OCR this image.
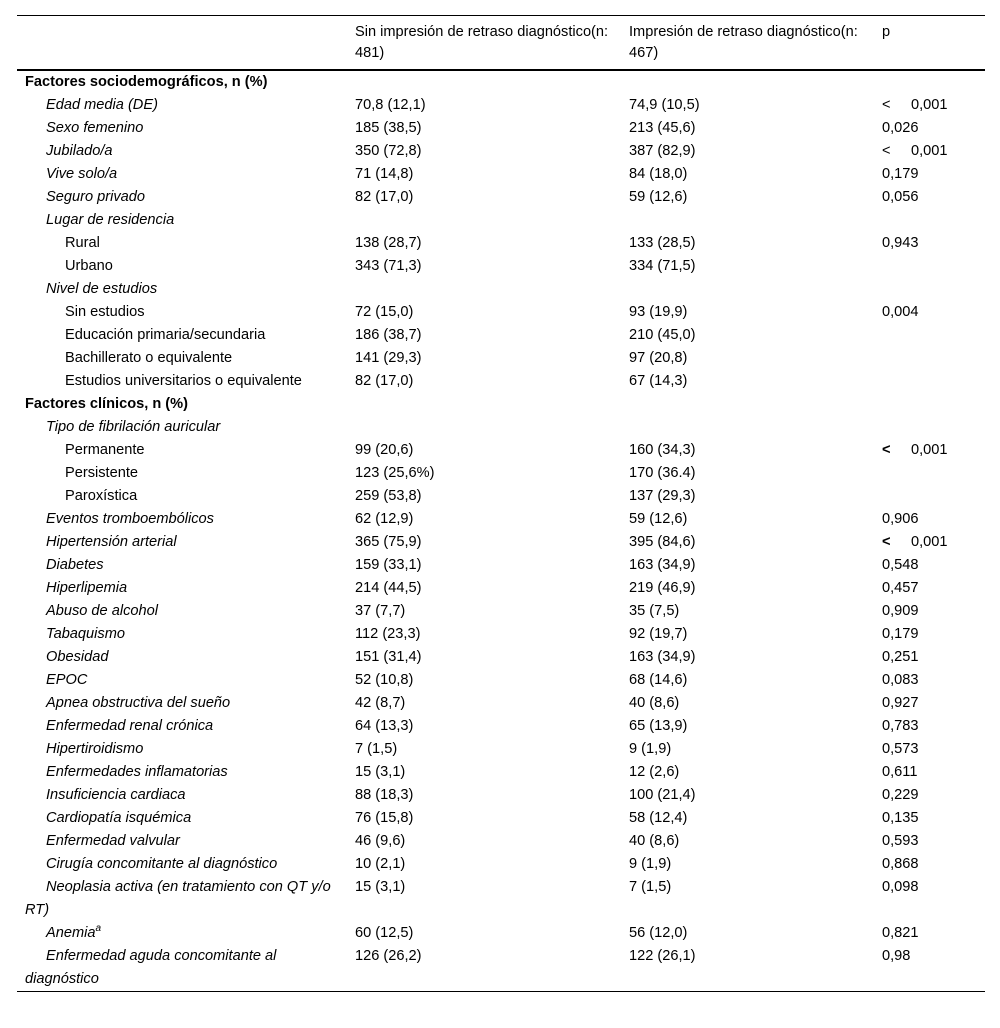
	Sin impresión de retraso diagnóstico(n: 481)	Impresión de retraso diagnóstico(n: 467)	p
Factores sociodemográficos, n (%)			
Edad media (DE)	70,8 (12,1)	74,9 (10,5)	< 0,001
Sexo femenino	185 (38,5)	213 (45,6)	0,026
Jubilado/a	350 (72,8)	387 (82,9)	< 0,001
Vive solo/a	71 (14,8)	84 (18,0)	0,179
Seguro privado	82 (17,0)	59 (12,6)	0,056
Lugar de residencia			
Rural	138 (28,7)	133 (28,5)	0,943
Urbano	343 (71,3)	334 (71,5)	
Nivel de estudios			
Sin estudios	72 (15,0)	93 (19,9)	0,004
Educación primaria/secundaria	186 (38,7)	210 (45,0)	
Bachillerato o equivalente	141 (29,3)	97 (20,8)	
Estudios universitarios o equivalente	82 (17,0)	67 (14,3)	
Factores clínicos, n (%)			
Tipo de fibrilación auricular			
Permanente	99 (20,6)	160 (34,3)	< 0,001
Persistente	123 (25,6%)	170 (36.4)	
Paroxística	259 (53,8)	137 (29,3)	
Eventos tromboembólicos	62 (12,9)	59 (12,6)	0,906
Hipertensión arterial	365 (75,9)	395 (84,6)	< 0,001
Diabetes	159 (33,1)	163 (34,9)	0,548
Hiperlipemia	214 (44,5)	219 (46,9)	0,457
Abuso de alcohol	37 (7,7)	35 (7,5)	0,909
Tabaquismo	112 (23,3)	92 (19,7)	0,179
Obesidad	151 (31,4)	163 (34,9)	0,251
EPOC	52 (10,8)	68 (14,6)	0,083
Apnea obstructiva del sueño	42 (8,7)	40 (8,6)	0,927
Enfermedad renal crónica	64 (13,3)	65 (13,9)	0,783
Hipertiroidismo	7 (1,5)	9 (1,9)	0,573
Enfermedades inflamatorias	15 (3,1)	12 (2,6)	0,611
Insuficiencia cardiaca	88 (18,3)	100 (21,4)	0,229
Cardiopatía isquémica	76 (15,8)	58 (12,4)	0,135
Enfermedad valvular	46 (9,6)	40 (8,6)	0,593
Cirugía concomitante al diagnóstico	10 (2,1)	9 (1,9)	0,868
Neoplasia activa (en tratamiento con QT y/o RT)	15 (3,1)	7 (1,5)	0,098
Anemia$^a$	60 (12,5)	56 (12,0)	0,821
Enfermedad aguda concomitante al diagnóstico	126 (26,2)	122 (26,1)	0,98
